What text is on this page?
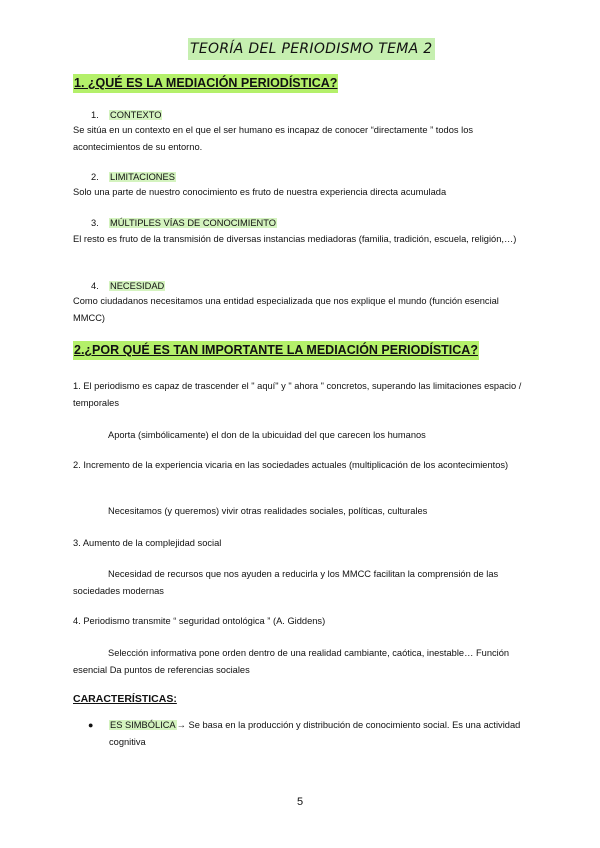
TEORÍA DEL PERIODISMO TEMA 2
1. ¿QUÉ ES LA MEDIACIÓN PERIODÍSTICA?
1. CONTEXTO
Se sitúa en un contexto en el que el ser humano es incapaz de conocer “directamente ” todos los acontecimientos de su entorno.
2. LIMITACIONES
Solo una parte de nuestro conocimiento es fruto de nuestra experiencia directa acumulada
3. MÚLTIPLES VÍAS DE CONOCIMIENTO
El resto es fruto de la transmisión de diversas instancias mediadoras (familia, tradición, escuela, religión,…)
4. NECESIDAD
Como ciudadanos necesitamos una entidad especializada que nos explique el mundo (función esencial MMCC)
2.¿POR QUÉ ES TAN IMPORTANTE LA MEDIACIÓN PERIODÍSTICA?
1. El periodismo es capaz de trascender el " aquí" y " ahora " concretos, superando las limitaciones espacio / temporales
Aporta (simbólicamente) el don de la ubicuidad del que carecen los humanos
2. Incremento de la experiencia vicaria en las sociedades actuales (multiplicación de los acontecimientos)
Necesitamos (y queremos) vivir otras realidades sociales, políticas, culturales
3. Aumento de la complejidad social
Necesidad de recursos que nos ayuden a reducirla y los MMCC facilitan la comprensión de las sociedades modernas
4. Periodismo transmite “ seguridad ontológica ” (A. Giddens)
Selección informativa pone orden dentro de una realidad cambiante, caótica, inestable… Función esencial Da puntos de referencias sociales
CARACTERÍSTICAS:
● ES SIMBÓLICA→ Se basa en la producción y distribución de conocimiento social. Es una actividad cognitiva
5
